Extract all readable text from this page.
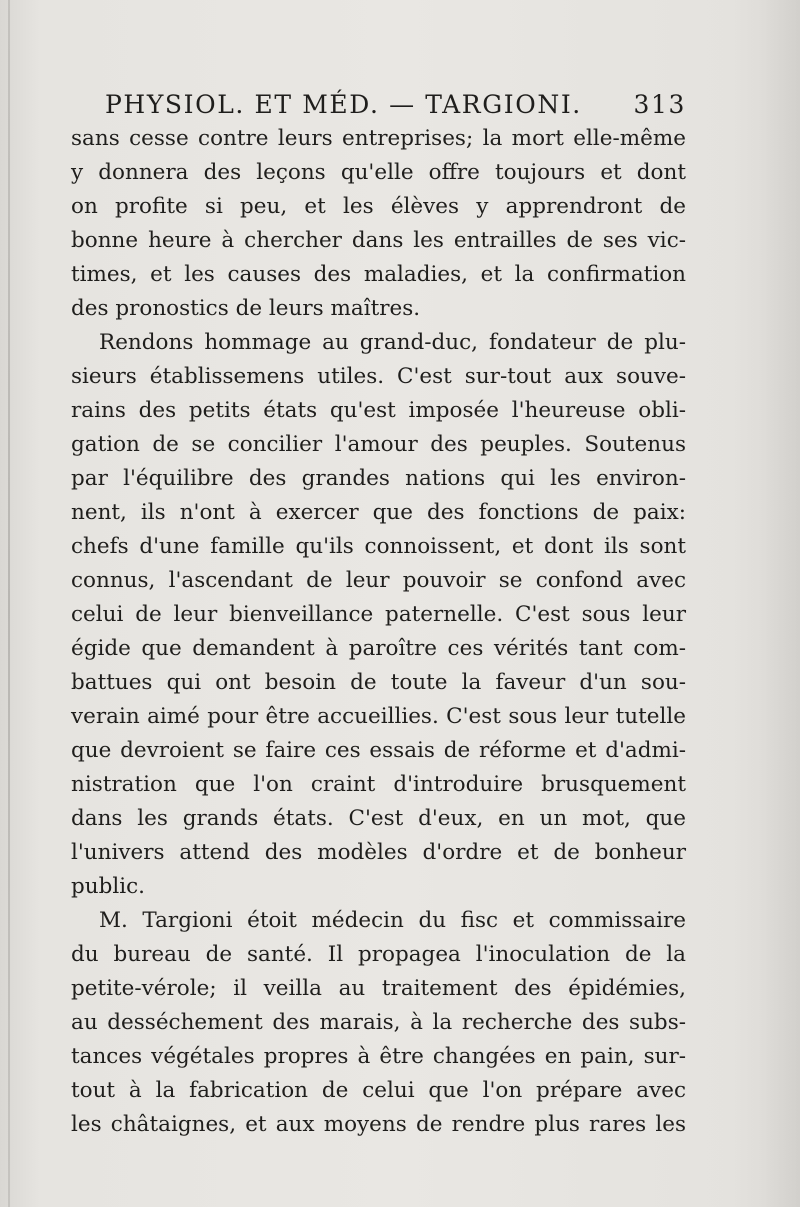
PHYSIOL. ET MÉD. — TARGIONI. 313
sans cesse contre leurs entreprises; la mort elle-même
y donnera des leçons qu'elle offre toujours et dont
on profite si peu, et les élèves y apprendront de
bonne heure à chercher dans les entrailles de ses vic-
times, et les causes des maladies, et la confirmation
des pronostics de leurs maîtres.
Rendons hommage au grand-duc, fondateur de plu-
sieurs établissemens utiles. C'est sur-tout aux souve-
rains des petits états qu'est imposée l'heureuse obli-
gation de se concilier l'amour des peuples. Soutenus
par l'équilibre des grandes nations qui les environ-
nent, ils n'ont à exercer que des fonctions de paix:
chefs d'une famille qu'ils connoissent, et dont ils sont
connus, l'ascendant de leur pouvoir se confond avec
celui de leur bienveillance paternelle. C'est sous leur
égide que demandent à paroître ces vérités tant com-
battues qui ont besoin de toute la faveur d'un sou-
verain aimé pour être accueillies. C'est sous leur tutelle
que devroient se faire ces essais de réforme et d'admi-
nistration que l'on craint d'introduire brusquement
dans les grands états. C'est d'eux, en un mot, que
l'univers attend des modèles d'ordre et de bonheur
public.
M. Targioni étoit médecin du fisc et commissaire
du bureau de santé. Il propagea l'inoculation de la
petite-vérole; il veilla au traitement des épidémies,
au desséchement des marais, à la recherche des subs-
tances végétales propres à être changées en pain, sur-
tout à la fabrication de celui que l'on prépare avec
les châtaignes, et aux moyens de rendre plus rares les
